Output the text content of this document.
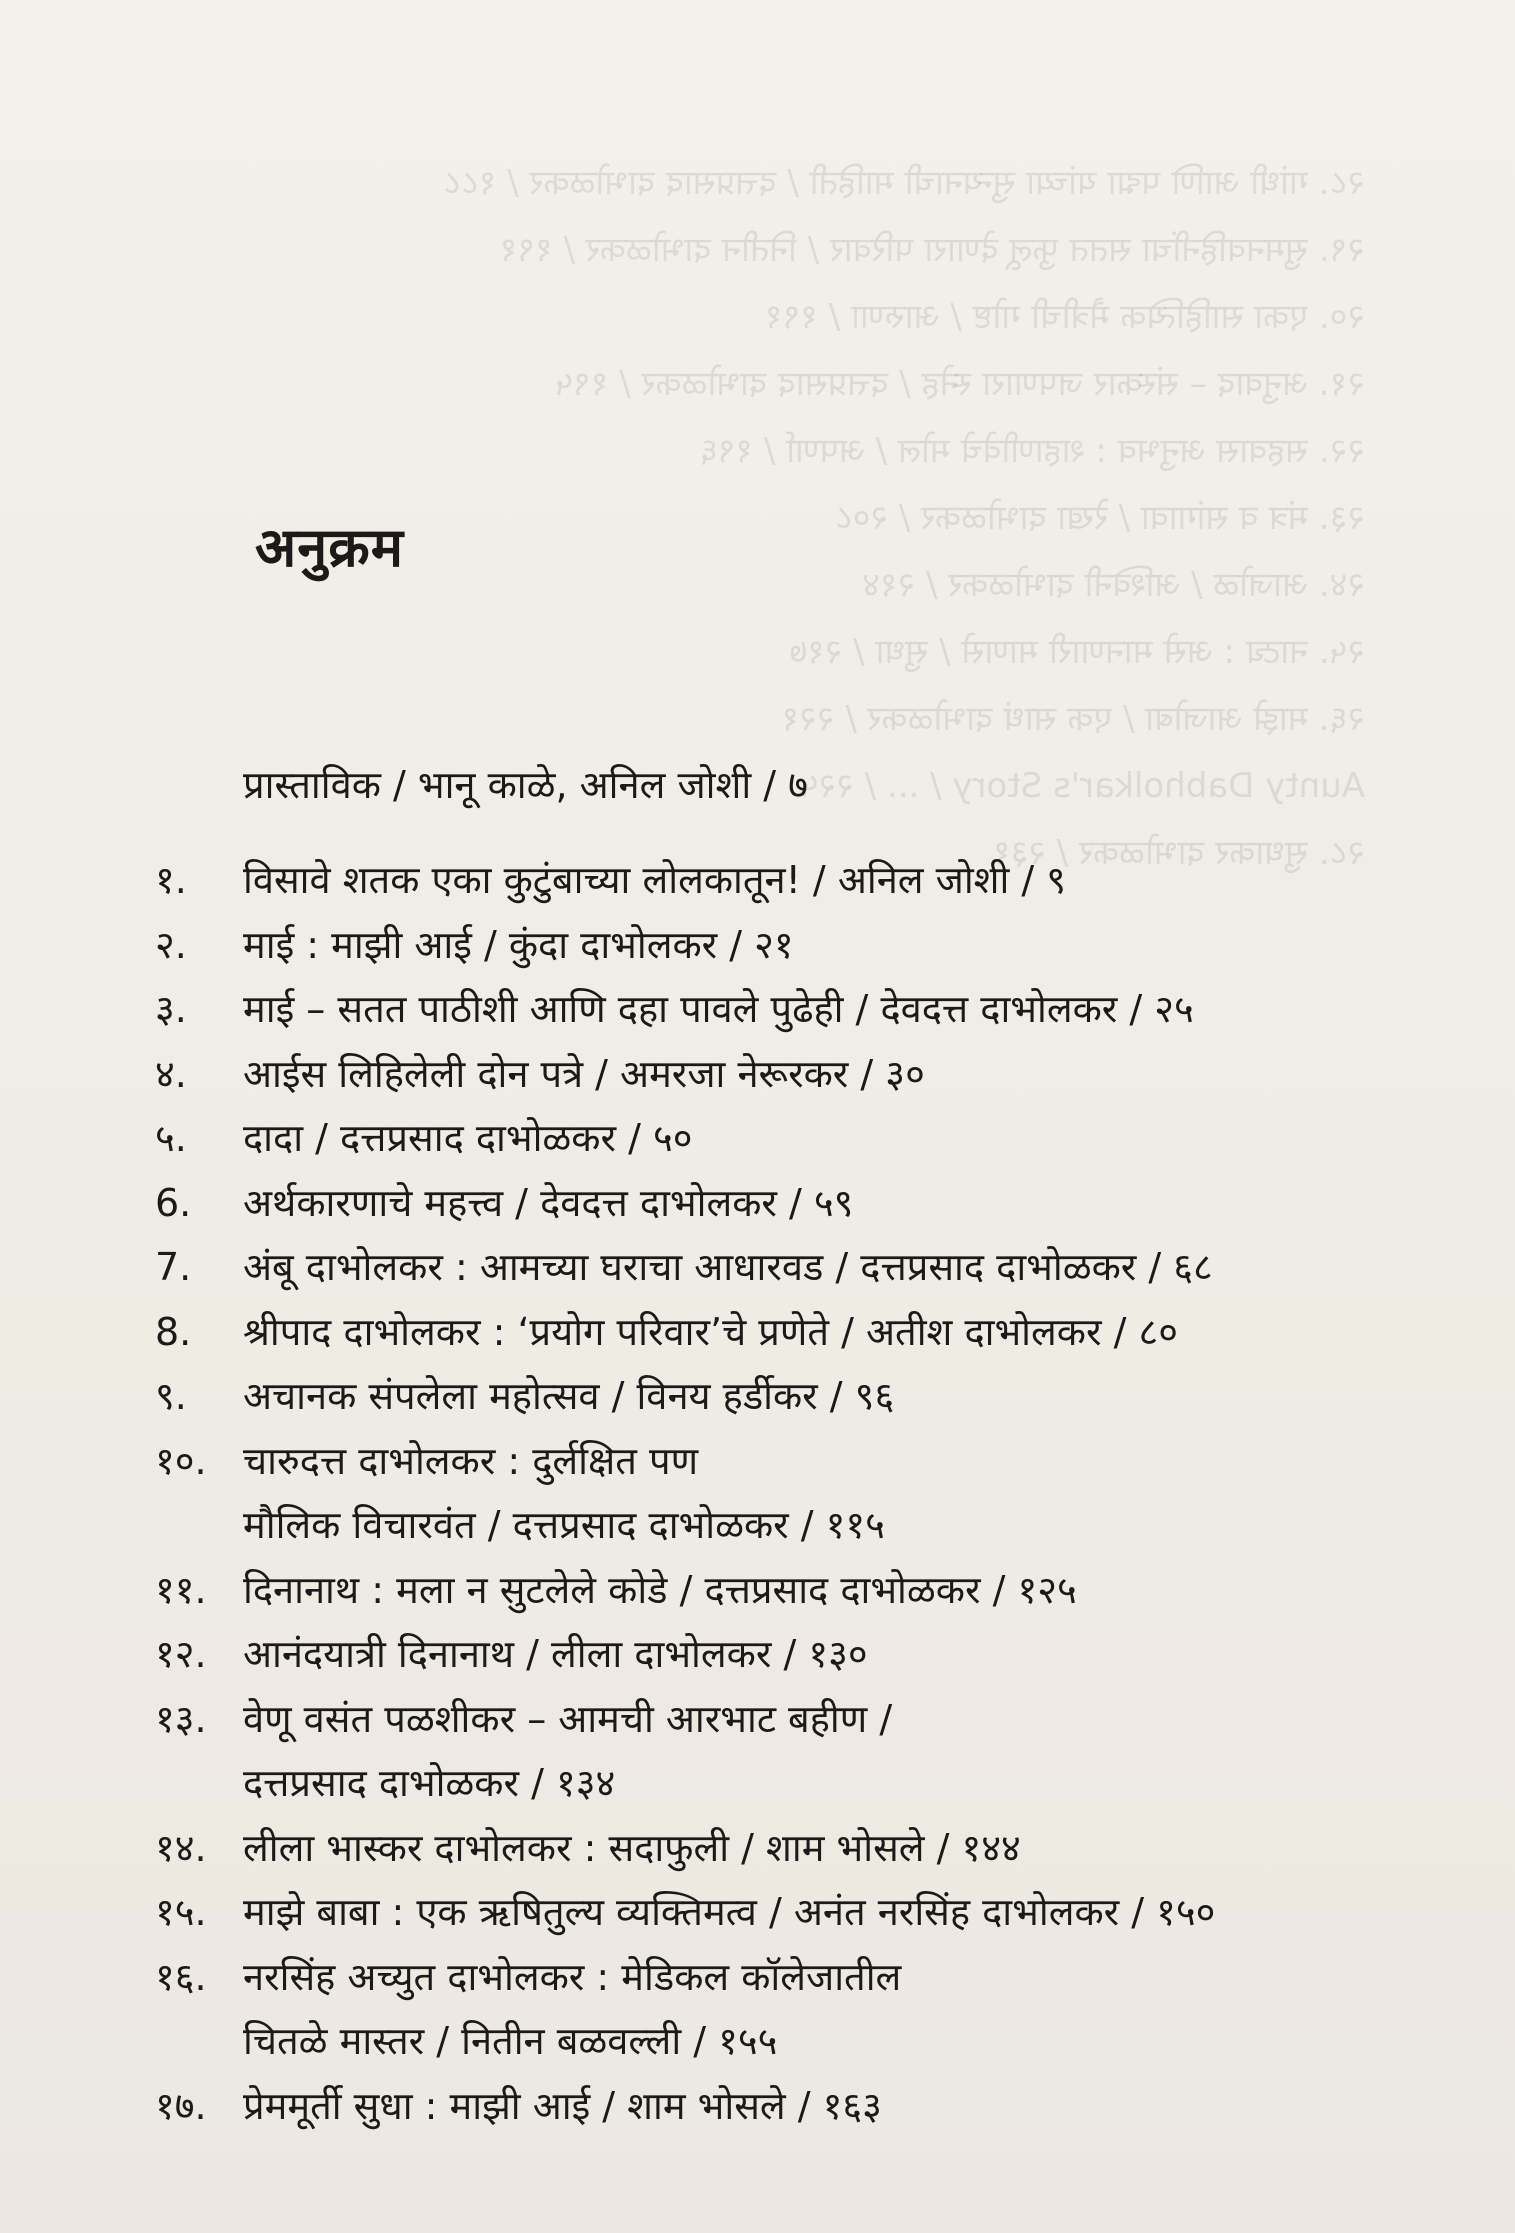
२८. गांधी आणि पद्मा यांच्या सुन्यनाची माहिती / दत्तप्रसाद दाभोळकर / १८८
२९. सुमनवहिनींचा सतत फुलू देणारा परिवार / नितीन दाभोळकर / १९१
२०. एका साहित्यिक मैत्रीची गोष्ट / आरुणा / १९१
२१. अनुवाद – संस्कार जपणारा स्नेह / दत्तप्रसाद दाभोळकर / १९५
२२. सहवास अनुभव : शहाणीवेचे मोल / अपर्णा / १९६
२३. मंत्र व सांगावा / रेखा दाभोळकर / २०८
२४. आजोळ / अश्विनी दाभोळकर / २१४
२५. नाट्य : असे मानणारी माणसे / सुधा / २१७
२६. माझे आजोबा / एक साधं दाभोळकर / २२१
Aunty Dabholkar's Story / ... / २२५
२८. सुधाकर दाभोळकर / २३१
अनुक्रम
प्रास्ताविक / भानू काळे, अनिल जोशी / ७
१.	विसावे शतक एका कुटुंबाच्या लोलकातून! / अनिल जोशी / ९
२.	माई : माझी आई / कुंदा दाभोलकर / २१
३.	माई – सतत पाठीशी आणि दहा पावले पुढेही / देवदत्त दाभोलकर / २५
४.	आईस लिहिलेली दोन पत्रे / अमरजा नेरूरकर / ३०
५.	दादा / दत्तप्रसाद दाभोळकर / ५०
6.	अर्थकारणाचे महत्त्व / देवदत्त दाभोलकर / ५९
7.	अंबू दाभोलकर : आमच्या घराचा आधारवड / दत्तप्रसाद दाभोळकर / ६८
8.	श्रीपाद दाभोलकर : ‘प्रयोग परिवार’चे प्रणेते / अतीश दाभोलकर / ८०
९.	अचानक संपलेला महोत्सव / विनय हर्डीकर / ९६
१०. चारुदत्त दाभोलकर : दुर्लक्षित पण
मौलिक विचारवंत / दत्तप्रसाद दाभोळकर / ११५
११. दिनानाथ : मला न सुटलेले कोडे / दत्तप्रसाद दाभोळकर / १२५
१२. आनंदयात्री दिनानाथ / लीला दाभोलकर / १३०
१३. वेणू वसंत पळशीकर – आमची आरभाट बहीण /
दत्तप्रसाद दाभोळकर / १३४
१४. लीला भास्कर दाभोलकर : सदाफुली / शाम भोसले / १४४
१५. माझे बाबा : एक ऋषितुल्य व्यक्तिमत्व / अनंत नरसिंह दाभोलकर / १५०
१६. नरसिंह अच्युत दाभोलकर : मेडिकल कॉलेजातील
चितळे मास्तर / नितीन बळवल्ली / १५५
१७. प्रेममूर्ती सुधा : माझी आई / शाम भोसले / १६३
